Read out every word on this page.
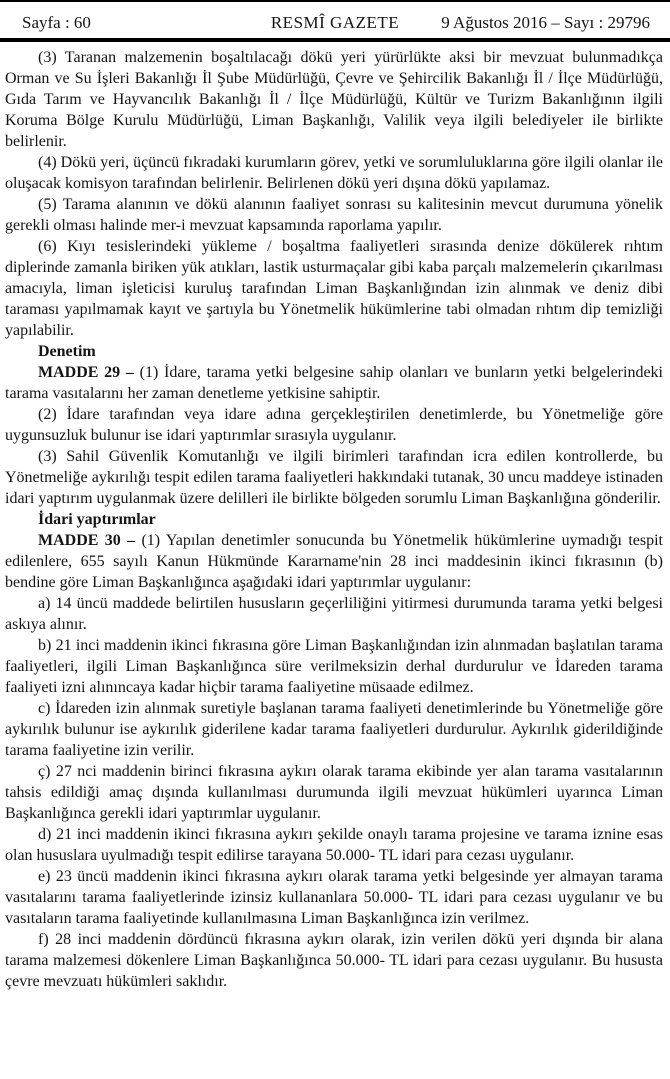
Sayfa : 60	RESMÎ GAZETE	9 Ağustos 2016 – Sayı : 29796

(3) Taranan malzemenin boşaltılacağı dökü yeri yürürlükte aksi bir mevzuat bulunmadıkça Orman ve Su İşleri Bakanlığı İl Şube Müdürlüğü, Çevre ve Şehircilik Bakanlığı İl / İlçe Müdürlüğü, Gıda Tarım ve Hayvancılık Bakanlığı İl / İlçe Müdürlüğü, Kültür ve Turizm Bakanlığının ilgili Koruma Bölge Kurulu Müdürlüğü, Liman Başkanlığı, Valilik veya ilgili belediyeler ile birlikte belirlenir.

(4) Dökü yeri, üçüncü fıkradaki kurumların görev, yetki ve sorumluluklarına göre ilgili olanlar ile oluşacak komisyon tarafından belirlenir. Belirlenen dökü yeri dışına dökü yapılamaz.

(5) Tarama alanının ve dökü alanının faaliyet sonrası su kalitesinin mevcut durumuna yönelik gerekli olması halinde mer-i mevzuat kapsamında raporlama yapılır.

(6) Kıyı tesislerindeki yükleme / boşaltma faaliyetleri sırasında denize dökülerek rıhtım diplerinde zamanla biriken yük atıkları, lastik usturmaçalar gibi kaba parçalı malzemelerin çıkarılması amacıyla, liman işleticisi kuruluş tarafından Liman Başkanlığından izin alınmak ve deniz dibi taraması yapılmamak kayıt ve şartıyla bu Yönetmelik hükümlerine tabi olmadan rıhtım dip temizliği yapılabilir.

Denetim

MADDE 29 – (1) İdare, tarama yetki belgesine sahip olanları ve bunların yetki belgelerindeki tarama vasıtalarını her zaman denetleme yetkisine sahiptir.

(2) İdare tarafından veya idare adına gerçekleştirilen denetimlerde, bu Yönetmeliğe göre uygunsuzluk bulunur ise idari yaptırımlar sırasıyla uygulanır.

(3) Sahil Güvenlik Komutanlığı ve ilgili birimleri tarafından icra edilen kontrollerde, bu Yönetmeliğe aykırılığı tespit edilen tarama faaliyetleri hakkındaki tutanak, 30 uncu maddeye istinaden idari yaptırım uygulanmak üzere delilleri ile birlikte bölgeden sorumlu Liman Başkanlığına gönderilir.

İdari yaptırımlar

MADDE 30 – (1) Yapılan denetimler sonucunda bu Yönetmelik hükümlerine uymadığı tespit edilenlere, 655 sayılı Kanun Hükmünde Kararname'nin 28 inci maddesinin ikinci fıkrasının (b) bendine göre Liman Başkanlığınca aşağıdaki idari yaptırımlar uygulanır:

a) 14 üncü maddede belirtilen hususların geçerliliğini yitirmesi durumunda tarama yetki belgesi askıya alınır.

b) 21 inci maddenin ikinci fıkrasına göre Liman Başkanlığından izin alınmadan başlatılan tarama faaliyetleri, ilgili Liman Başkanlığınca süre verilmeksizin derhal durdurulur ve İdareden tarama faaliyeti izni alınıncaya kadar hiçbir tarama faaliyetine müsaade edilmez.

c) İdareden izin alınmak suretiyle başlanan tarama faaliyeti denetimlerinde bu Yönetmeliğe göre aykırılık bulunur ise aykırılık giderilene kadar tarama faaliyetleri durdurulur. Aykırılık giderildiğinde tarama faaliyetine izin verilir.

ç) 27 nci maddenin birinci fıkrasına aykırı olarak tarama ekibinde yer alan tarama vasıtalarının tahsis edildiği amaç dışında kullanılması durumunda ilgili mevzuat hükümleri uyarınca Liman Başkanlığınca gerekli idari yaptırımlar uygulanır.

d) 21 inci maddenin ikinci fıkrasına aykırı şekilde onaylı tarama projesine ve tarama iznine esas olan hususlara uyulmadığı tespit edilirse tarayana 50.000- TL idari para cezası uygulanır.

e) 23 üncü maddenin ikinci fıkrasına aykırı olarak tarama yetki belgesinde yer almayan tarama vasıtalarını tarama faaliyetlerinde izinsiz kullananlara 50.000- TL idari para cezası uygulanır ve bu vasıtaların tarama faaliyetinde kullanılmasına Liman Başkanlığınca izin verilmez.

f) 28 inci maddenin dördüncü fıkrasına aykırı olarak, izin verilen dökü yeri dışında bir alana tarama malzemesi dökenlere Liman Başkanlığınca 50.000- TL idari para cezası uygulanır. Bu hususta çevre mevzuatı hükümleri saklıdır.
